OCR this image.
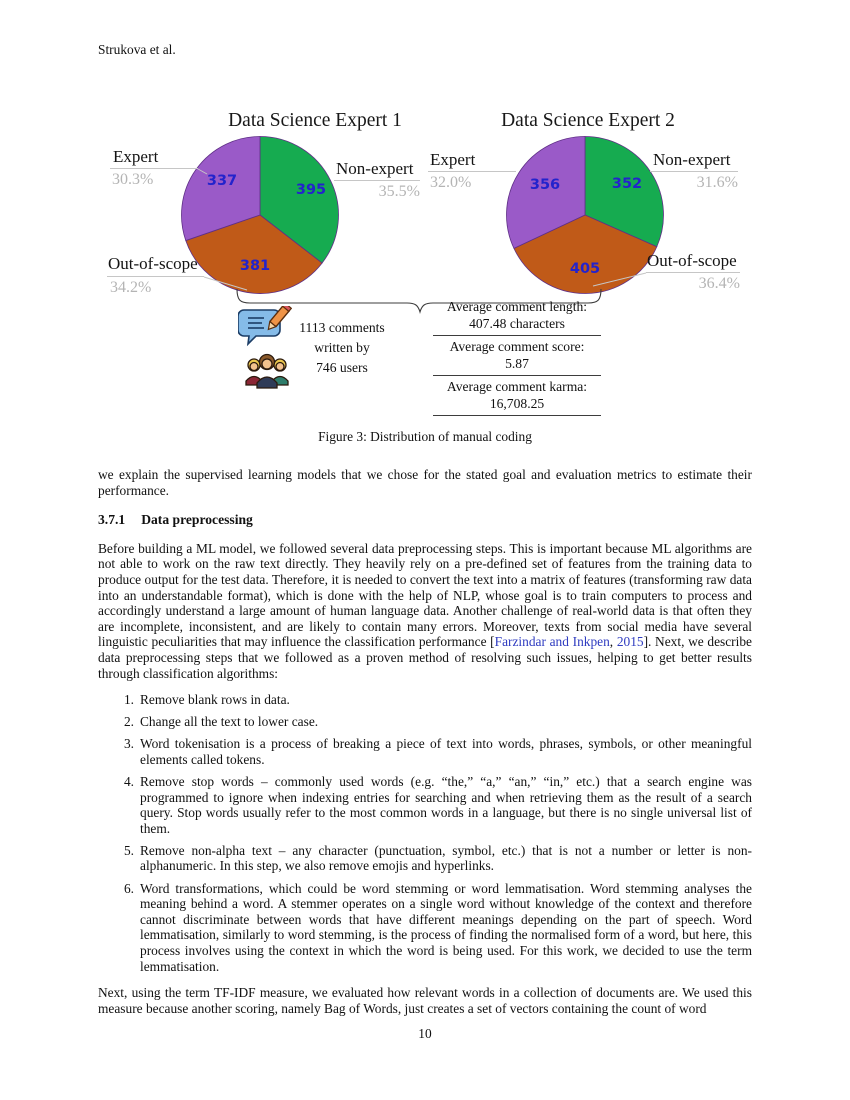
Strukova et al.
Data Science Expert 1
337
395
381
Expert
30.3%
Non-expert
35.5%
Out-of-scope
34.2%
Data Science Expert 2
356	352
405
Expert
32.0%
Non-expert
31.6%
Out-of-scope
36.4%
1113 comments
written by
746 users
Average comment length:
407.48 characters
Average comment score:
5.87
Average comment karma:
16,708.25
Figure 3: Distribution of manual coding

we explain the supervised learning models that we chose for the stated goal and evaluation metrics to estimate their performance.

3.7.1 Data preprocessing

Before building a ML model, we followed several data preprocessing steps. This is important because ML algorithms are not able to work on the raw text directly. They heavily rely on a pre-defined set of features from the training data to produce output for the test data. Therefore, it is needed to convert the text into a matrix of features (transforming raw data into an understandable format), which is done with the help of NLP, whose goal is to train computers to process and accordingly understand a large amount of human language data. Another challenge of real-world data is that often they are incomplete, inconsistent, and are likely to contain many errors. Moreover, texts from social media have several linguistic peculiarities that may influence the classification performance [Farzindar and Inkpen, 2015]. Next, we describe data preprocessing steps that we followed as a proven method of resolving such issues, helping to get better results through classification algorithms:

1. Remove blank rows in data.
2. Change all the text to lower case.
3. Word tokenisation is a process of breaking a piece of text into words, phrases, symbols, or other meaningful elements called tokens.
4. Remove stop words – commonly used words (e.g. “the,” “a,” “an,” “in,” etc.) that a search engine was programmed to ignore when indexing entries for searching and when retrieving them as the result of a search query. Stop words usually refer to the most common words in a language, but there is no single universal list of them.
5. Remove non-alpha text – any character (punctuation, symbol, etc.) that is not a number or letter is non-alphanumeric. In this step, we also remove emojis and hyperlinks.
6. Word transformations, which could be word stemming or word lemmatisation. Word stemming analyses the meaning behind a word. A stemmer operates on a single word without knowledge of the context and therefore cannot discriminate between words that have different meanings depending on the part of speech. Word lemmatisation, similarly to word stemming, is the process of finding the normalised form of a word, but here, this process involves using the context in which the word is being used. For this work, we decided to use the term lemmatisation.

Next, using the term TF-IDF measure, we evaluated how relevant words in a collection of documents are. We used this measure because another scoring, namely Bag of Words, just creates a set of vectors containing the count of word

10
